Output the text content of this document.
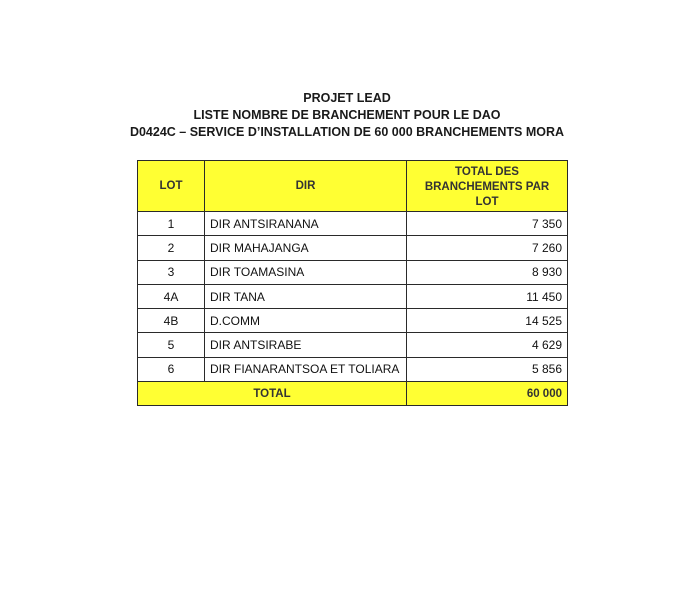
PROJET LEAD
LISTE NOMBRE DE BRANCHEMENT POUR LE DAO
D0424C – SERVICE D’INSTALLATION DE 60 000 BRANCHEMENTS MORA
LOT	DIR	TOTAL DES
BRANCHEMENTS PAR LOT

1	DIR ANTSIRANANA	7 350
2	DIR MAHAJANGA	7 260
3	DIR TOAMASINA	8 930
4A	DIR TANA	11 450
4B	D.COMM	14 525
5	DIR ANTSIRABE	4 629
6	DIR FIANARANTSOA ET TOLIARA	5 856
TOTAL		60 000
